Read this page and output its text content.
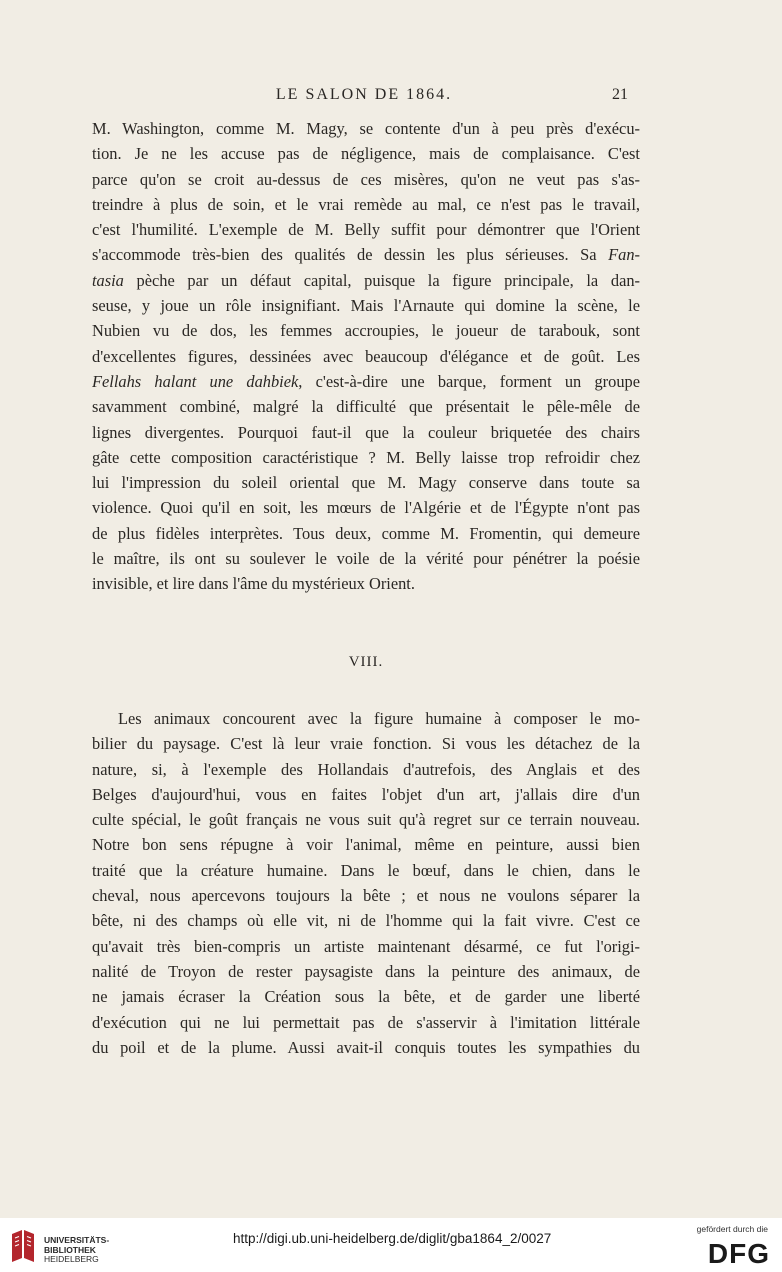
LE SALON DE 1864.	21
M. Washington, comme M. Magy, se contente d'un à peu près d'exécu-
tion. Je ne les accuse pas de négligence, mais de complaisance. C'est
parce qu'on se croit au-dessus de ces misères, qu'on ne veut pas s'as-
treindre à plus de soin, et le vrai remède au mal, ce n'est pas le travail,
c'est l'humilité. L'exemple de M. Belly suffit pour démontrer que l'Orient
s'accommode très-bien des qualités de dessin les plus sérieuses. Sa Fan-
tasia pèche par un défaut capital, puisque la figure principale, la dan-
seuse, y joue un rôle insignifiant. Mais l'Arnaute qui domine la scène, le
Nubien vu de dos, les femmes accroupies, le joueur de tarabouk, sont
d'excellentes figures, dessinées avec beaucoup d'élégance et de goût. Les
Fellahs halant une dahbiek, c'est-à-dire une barque, forment un groupe
savamment combiné, malgré la difficulté que présentait le pêle-mêle de
lignes divergentes. Pourquoi faut-il que la couleur briquetée des chairs
gâte cette composition caractéristique ? M. Belly laisse trop refroidir chez
lui l'impression du soleil oriental que M. Magy conserve dans toute sa
violence. Quoi qu'il en soit, les mœurs de l'Algérie et de l'Égypte n'ont pas
de plus fidèles interprètes. Tous deux, comme M. Fromentin, qui demeure
le maître, ils ont su soulever le voile de la vérité pour pénétrer la poésie
invisible, et lire dans l'âme du mystérieux Orient.
VIII.
Les animaux concourent avec la figure humaine à composer le mo-
bilier du paysage. C'est là leur vraie fonction. Si vous les détachez de la
nature, si, à l'exemple des Hollandais d'autrefois, des Anglais et des
Belges d'aujourd'hui, vous en faites l'objet d'un art, j'allais dire d'un
culte spécial, le goût français ne vous suit qu'à regret sur ce terrain nouveau.
Notre bon sens répugne à voir l'animal, même en peinture, aussi bien
traité que la créature humaine. Dans le bœuf, dans le chien, dans le
cheval, nous apercevons toujours la bête ; et nous ne voulons séparer la
bête, ni des champs où elle vit, ni de l'homme qui la fait vivre. C'est ce
qu'avait très bien-compris un artiste maintenant désarmé, ce fut l'origi-
nalité de Troyon de rester paysagiste dans la peinture des animaux, de
ne jamais écraser la Création sous la bête, et de garder une liberté
d'exécution qui ne lui permettait pas de s'asservir à l'imitation littérale
du poil et de la plume. Aussi avait-il conquis toutes les sympathies du
UNIVERSITÄTS-
BIBLIOTHEK
HEIDELBERG
http://digi.ub.uni-heidelberg.de/diglit/gba1864_2/0027
gefördert durch die
DFG
